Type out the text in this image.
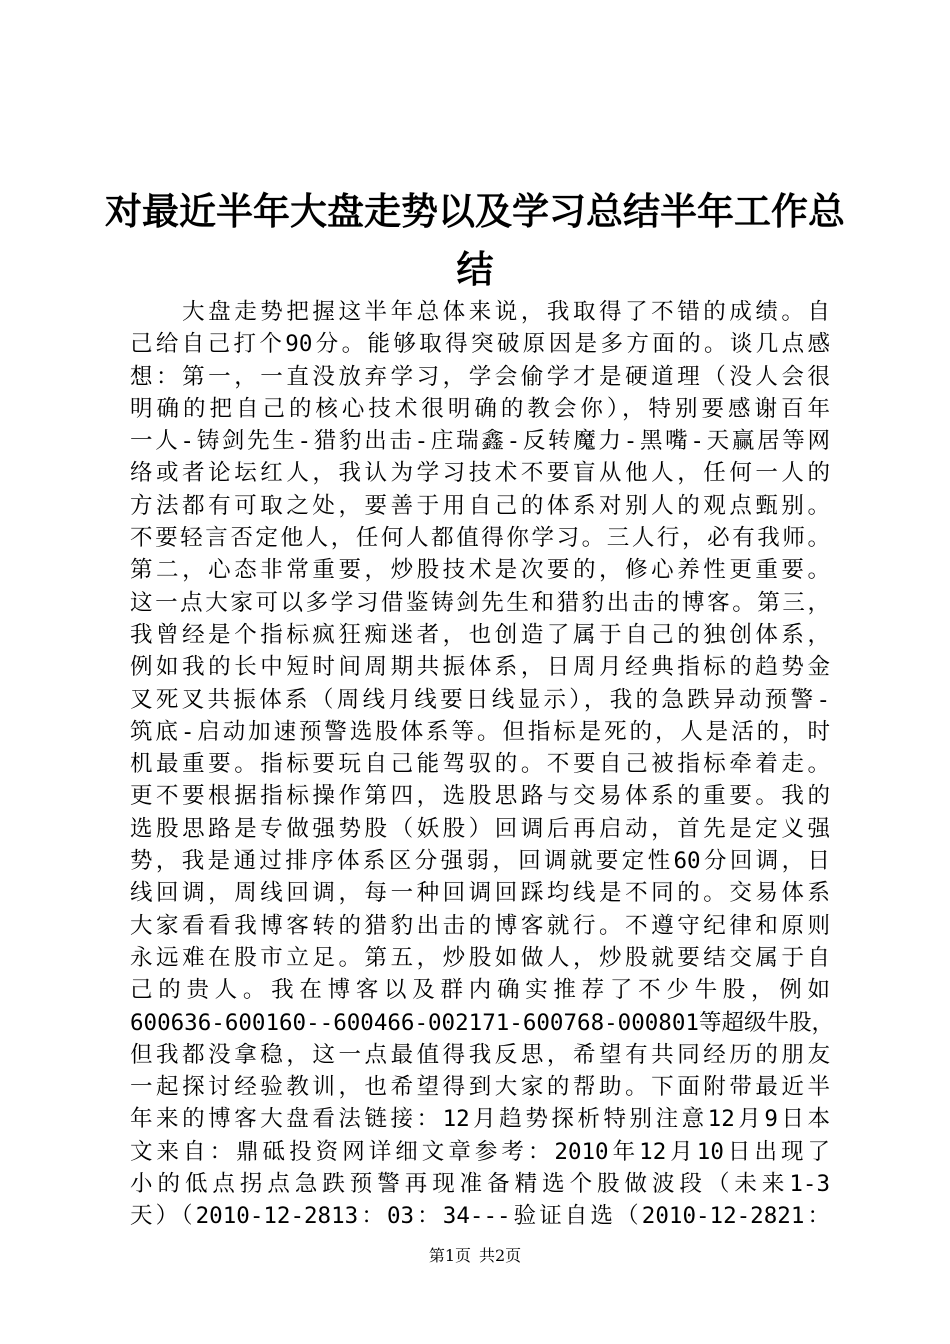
对最近半年大盘走势以及学习总结半年工作总
结
　　大盘走势把握这半年总体来说，我取得了不错的成绩。自
己给自己打个90分。能够取得突破原因是多方面的。谈几点感
想：第一，一直没放弃学习，学会偷学才是硬道理（没人会很
明确的把自己的核心技术很明确的教会你），特别要感谢百年
一人-铸剑先生-猎豹出击-庄瑞鑫-反转魔力-黑嘴-天赢居等网
络或者论坛红人，我认为学习技术不要盲从他人，任何一人的
方法都有可取之处，要善于用自己的体系对别人的观点甄别。
不要轻言否定他人，任何人都值得你学习。三人行，必有我师。
第二，心态非常重要，炒股技术是次要的，修心养性更重要。
这一点大家可以多学习借鉴铸剑先生和猎豹出击的博客。第三，
我曾经是个指标疯狂痴迷者，也创造了属于自己的独创体系，
例如我的长中短时间周期共振体系，日周月经典指标的趋势金
叉死叉共振体系（周线月线要日线显示），我的急跌异动预警-
筑底-启动加速预警选股体系等。但指标是死的，人是活的，时
机最重要。指标要玩自己能驾驭的。不要自己被指标牵着走。
更不要根据指标操作第四，选股思路与交易体系的重要。我的
选股思路是专做强势股（妖股）回调后再启动，首先是定义强
势，我是通过排序体系区分强弱，回调就要定性60分回调，日
线回调，周线回调，每一种回调回踩均线是不同的。交易体系
大家看看我博客转的猎豹出击的博客就行。不遵守纪律和原则
永远难在股市立足。第五，炒股如做人，炒股就要结交属于自
己的贵人。我在博客以及群内确实推荐了不少牛股，例如
600636-600160--600466-002171-600768-000801等超级牛股，
但我都没拿稳，这一点最值得我反思，希望有共同经历的朋友
一起探讨经验教训，也希望得到大家的帮助。下面附带最近半
年来的博客大盘看法链接：12月趋势探析特别注意12月9日本
文来自：鼎砥投资网详细文章参考：2010年12月10日出现了
小的低点拐点急跌预警再现准备精选个股做波段（未来1-3
天）（2010-12-2813：03：34---验证自选（2010-12-2821：
第1页 共2页
